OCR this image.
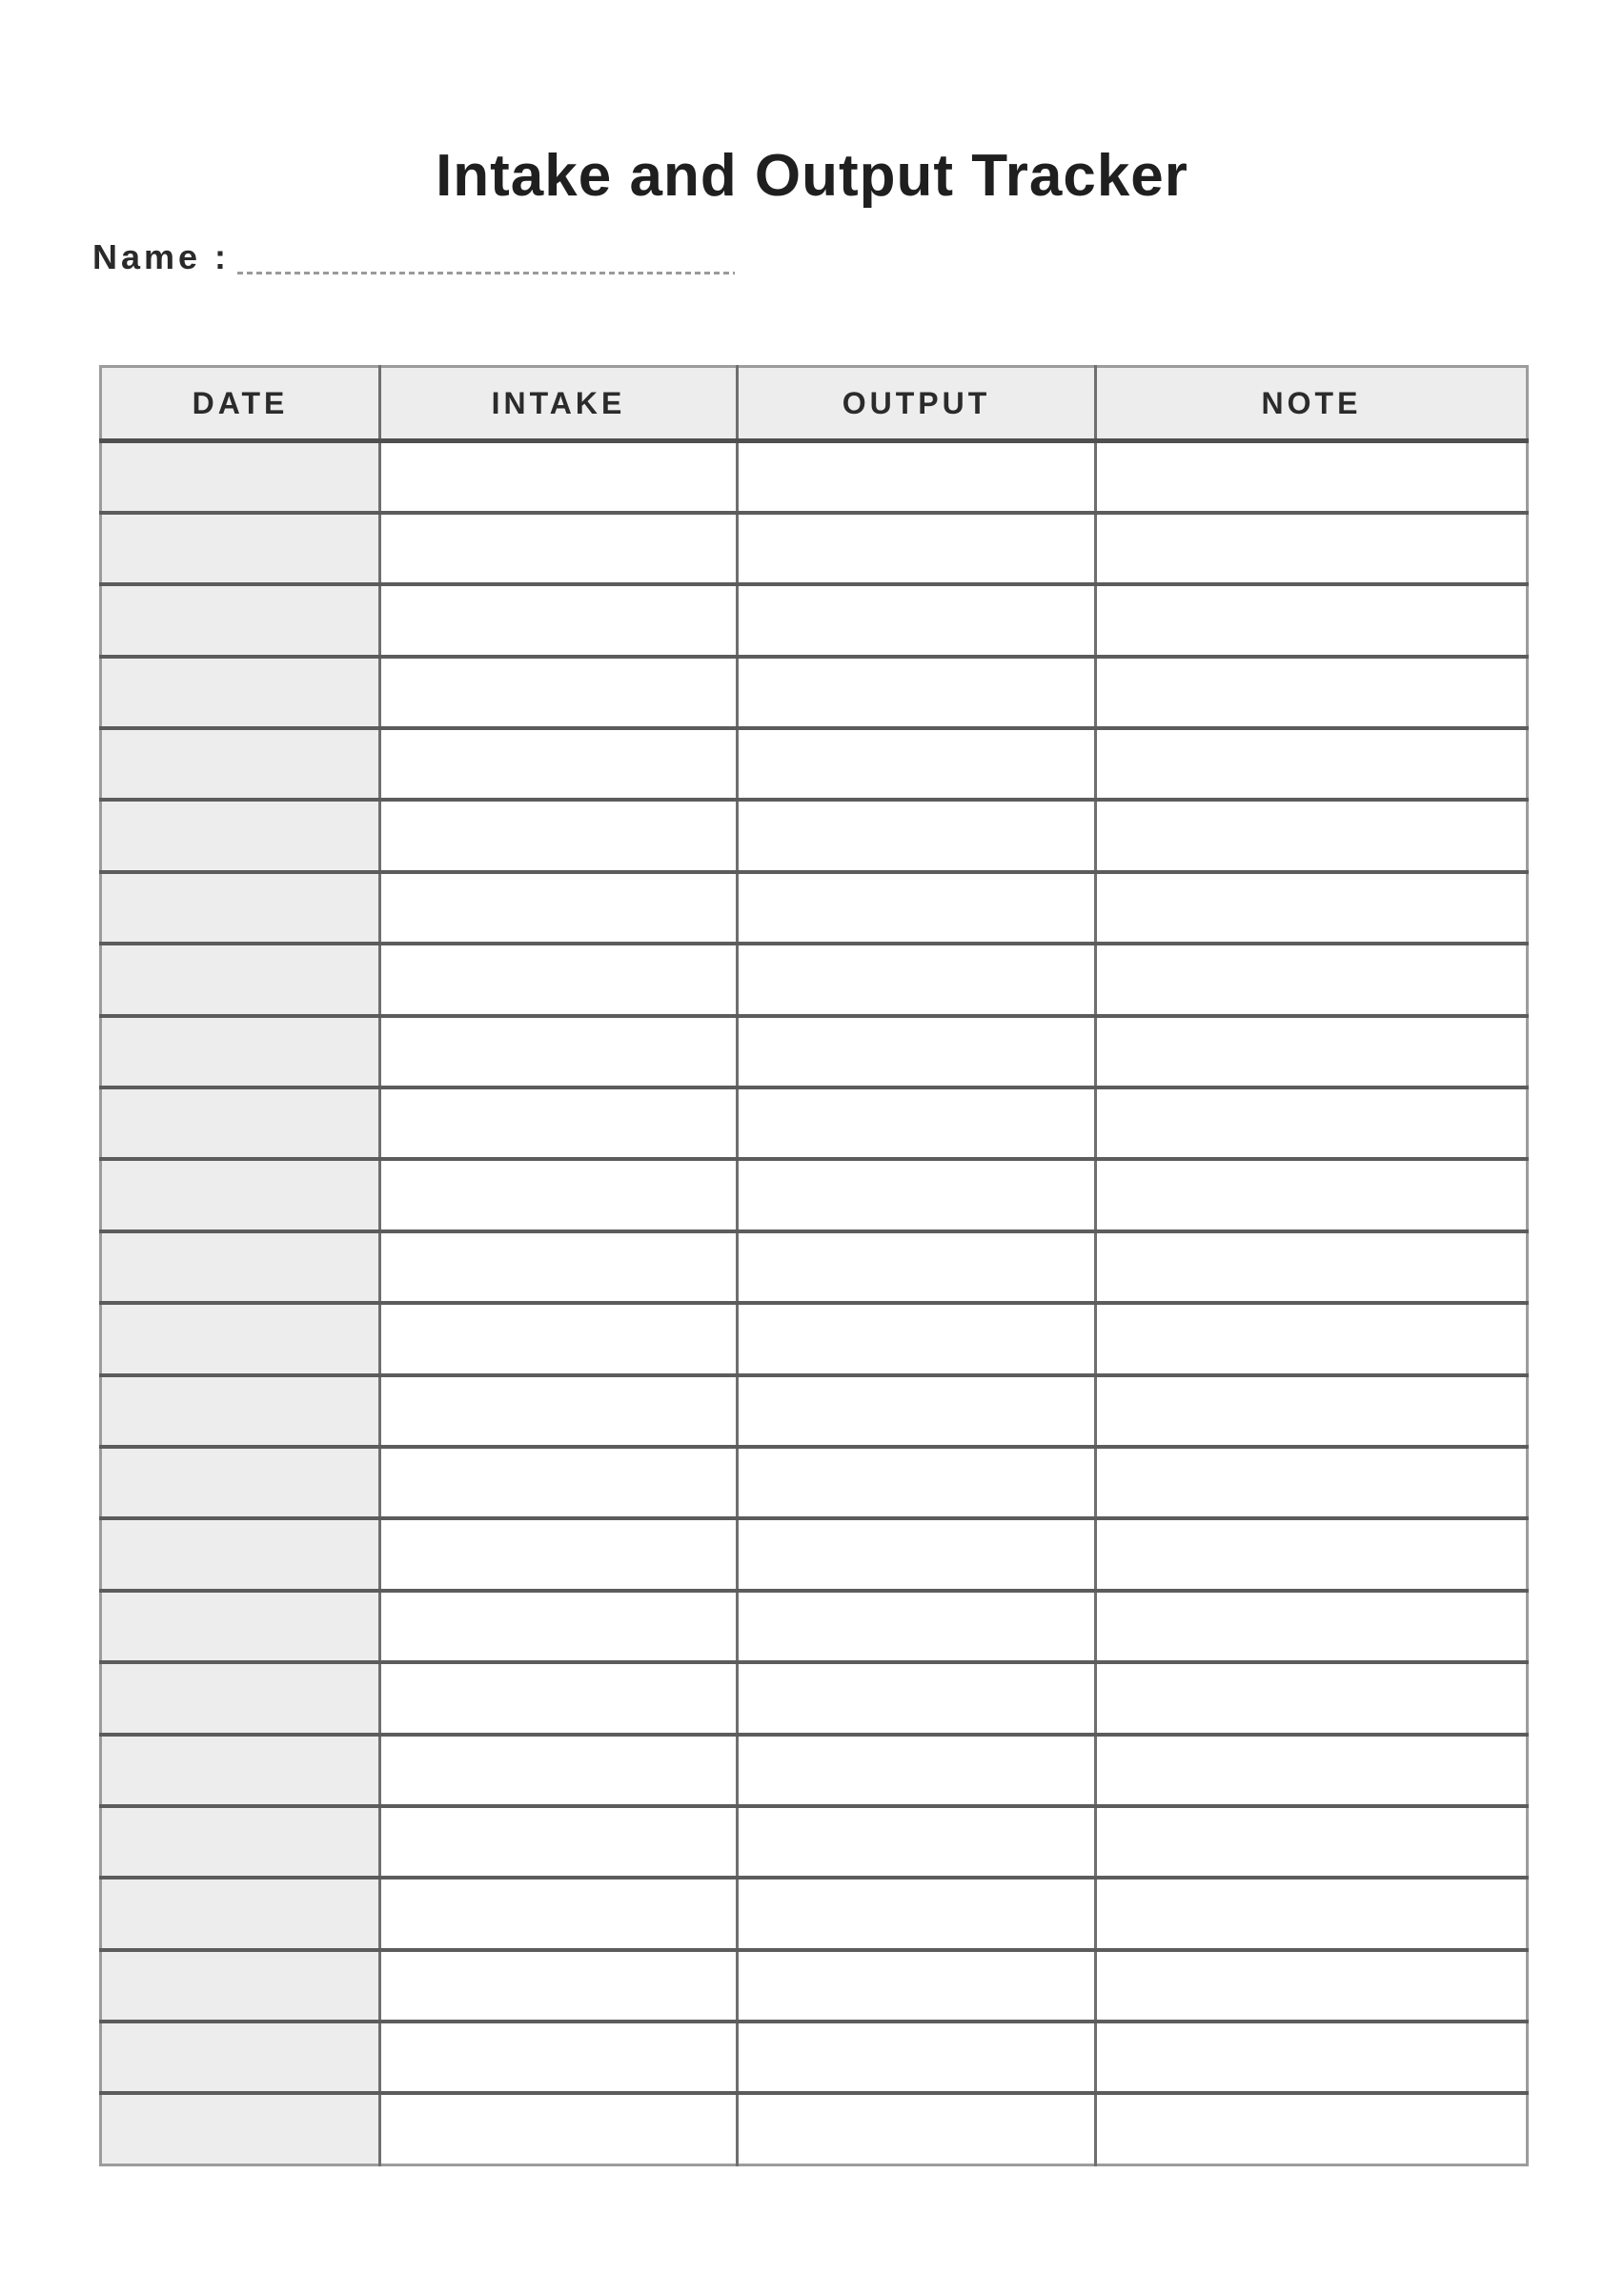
Intake and Output Tracker
Name :
DATE	INTAKE	OUTPUT	NOTE
